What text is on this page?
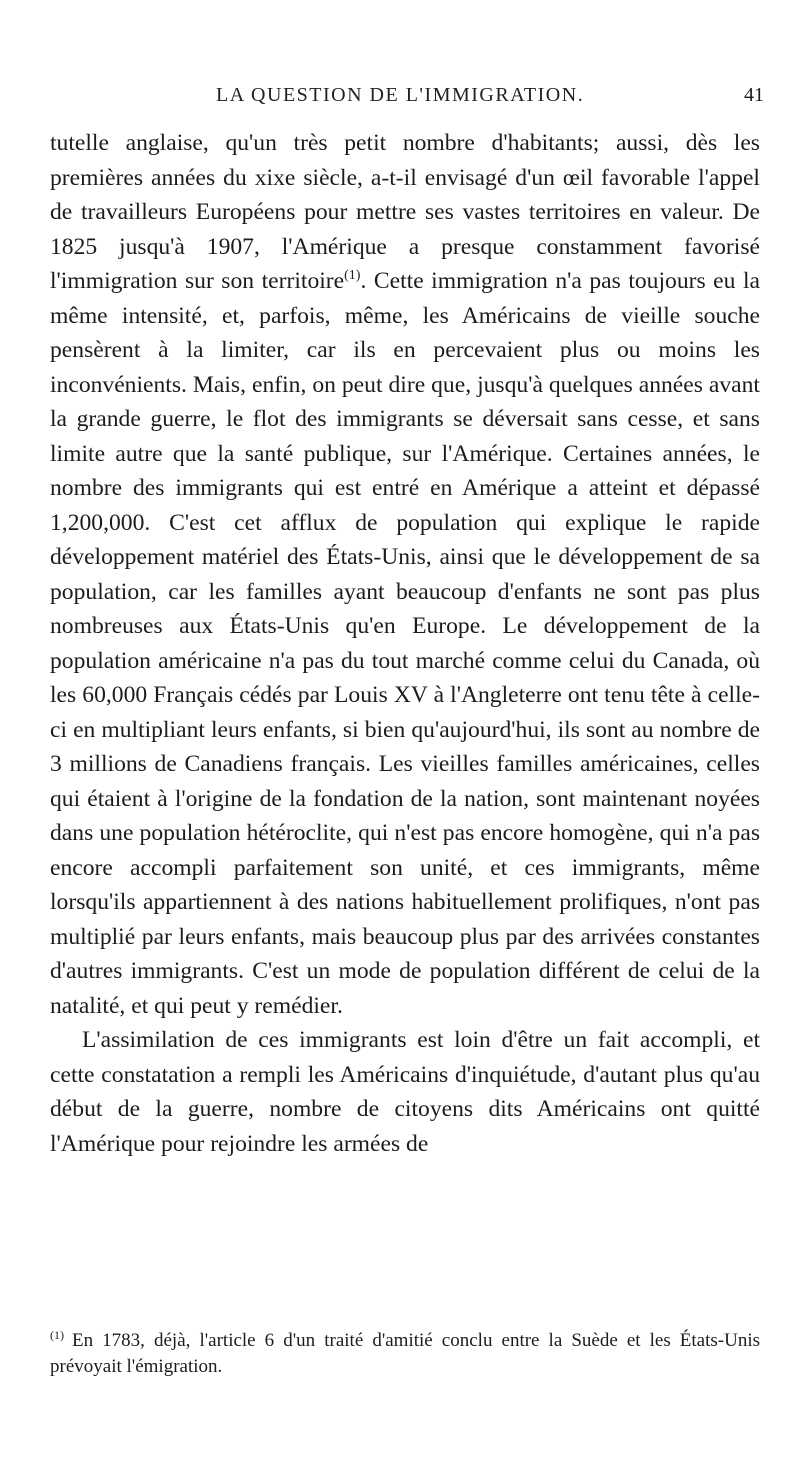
LA QUESTION DE L'IMMIGRATION.	41

tutelle anglaise, qu'un très petit nombre d'habitants; aussi, dès les premières années du xixe siècle, a-t-il envisagé d'un œil favorable l'appel de travailleurs Européens pour mettre ses vastes territoires en valeur. De 1825 jusqu'à 1907, l'Amérique a presque constamment favorisé l'immigration sur son territoire$^{(1)}$. Cette immigration n'a pas toujours eu la même intensité, et, parfois, même, les Américains de vieille souche pensèrent à la limiter, car ils en percevaient plus ou moins les inconvénients. Mais, enfin, on peut dire que, jusqu'à quelques années avant la grande guerre, le flot des immigrants se déversait sans cesse, et sans limite autre que la santé publique, sur l'Amérique. Certaines années, le nombre des immigrants qui est entré en Amérique a atteint et dépassé 1,200,000. C'est cet afflux de population qui explique le rapide développement matériel des États-Unis, ainsi que le développement de sa population, car les familles ayant beaucoup d'enfants ne sont pas plus nombreuses aux États-Unis qu'en Europe. Le développement de la population américaine n'a pas du tout marché comme celui du Canada, où les 60,000 Français cédés par Louis XV à l'Angleterre ont tenu tête à celle-ci en multipliant leurs enfants, si bien qu'aujourd'hui, ils sont au nombre de 3 millions de Canadiens français. Les vieilles familles américaines, celles qui étaient à l'origine de la fondation de la nation, sont maintenant noyées dans une population hétéroclite, qui n'est pas encore homogène, qui n'a pas encore accompli parfaitement son unité, et ces immigrants, même lorsqu'ils appartiennent à des nations habituellement prolifiques, n'ont pas multiplié par leurs enfants, mais beaucoup plus par des arrivées constantes d'autres immigrants. C'est un mode de population différent de celui de la natalité, et qui peut y remédier.

L'assimilation de ces immigrants est loin d'être un fait accompli, et cette constatation a rempli les Américains d'inquiétude, d'autant plus qu'au début de la guerre, nombre de citoyens dits Américains ont quitté l'Amérique pour rejoindre les armées de

$^{(1)}$ En 1783, déjà, l'article 6 d'un traité d'amitié conclu entre la Suède et les États-Unis prévoyait l'émigration.
